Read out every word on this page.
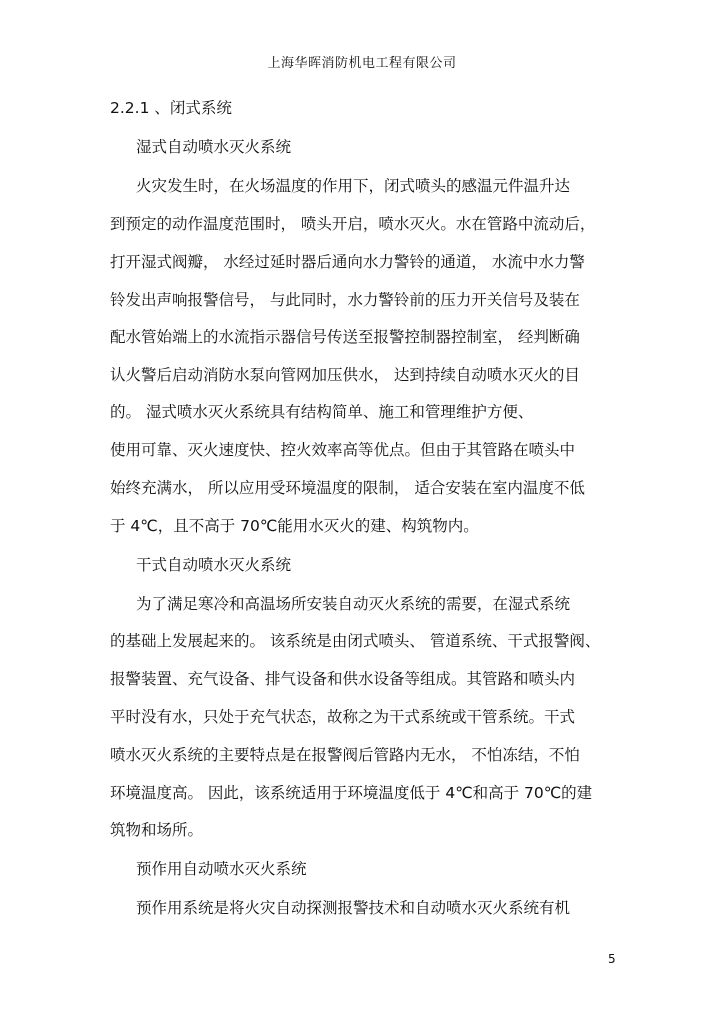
上海华晖消防机电工程有限公司
2.2.1 、闭式系统
湿式自动喷水灭火系统
火灾发生时，在火场温度的作用下，闭式喷头的感温元件温升达
到预定的动作温度范围时， 喷头开启，喷水灭火。水在管路中流动后，
打开湿式阀瓣， 水经过延时器后通向水力警铃的通道， 水流中水力警
铃发出声响报警信号， 与此同时，水力警铃前的压力开关信号及装在
配水管始端上的水流指示器信号传送至报警控制器控制室， 经判断确
认火警后启动消防水泵向管网加压供水， 达到持续自动喷水灭火的目
的。 湿式喷水灭火系统具有结构简单、施工和管理维护方便、
使用可靠、灭火速度快、控火效率高等优点。但由于其管路在喷头中
始终充满水， 所以应用受环境温度的限制， 适合安装在室内温度不低
于 4℃，且不高于 70℃能用水灭火的建、构筑物内。
干式自动喷水灭火系统
为了满足寒冷和高温场所安装自动灭火系统的需要，在湿式系统
的基础上发展起来的。 该系统是由闭式喷头、 管道系统、干式报警阀、
报警装置、充气设备、排气设备和供水设备等组成。其管路和喷头内
平时没有水，只处于充气状态，故称之为干式系统或干管系统。干式
喷水灭火系统的主要特点是在报警阀后管路内无水， 不怕冻结，不怕
环境温度高。 因此，该系统适用于环境温度低于 4℃和高于 70℃的建
筑物和场所。
预作用自动喷水灭火系统
预作用系统是将火灾自动探测报警技术和自动喷水灭火系统有机
5
